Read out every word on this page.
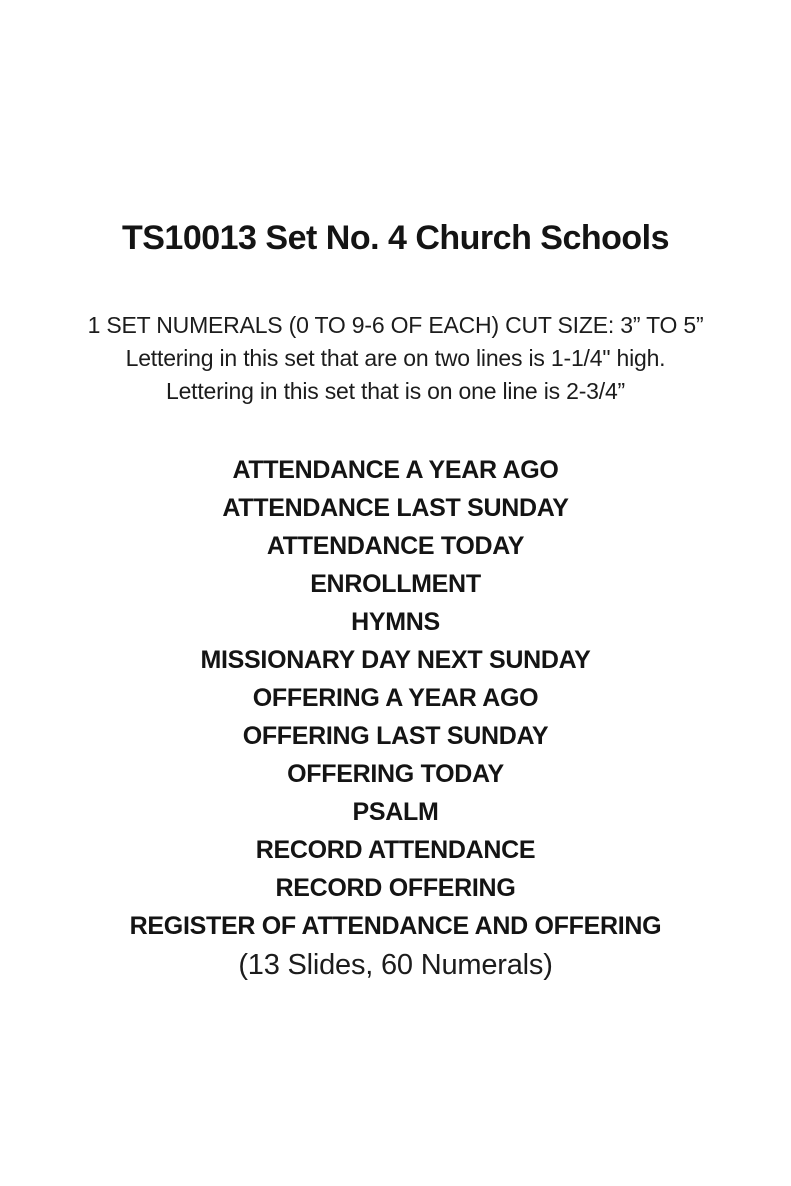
TS10013 Set No. 4 Church Schools
1 SET NUMERALS (0 TO 9-6 OF EACH) CUT SIZE: 3” TO 5”
Lettering in this set that are on two lines is 1-1/4" high.
Lettering in this set that is on one line is 2-3/4”
ATTENDANCE A YEAR AGO
ATTENDANCE LAST SUNDAY
ATTENDANCE TODAY
ENROLLMENT
HYMNS
MISSIONARY DAY NEXT SUNDAY
OFFERING A YEAR AGO
OFFERING LAST SUNDAY
OFFERING TODAY
PSALM
RECORD ATTENDANCE
RECORD OFFERING
REGISTER OF ATTENDANCE AND OFFERING
(13 Slides, 60 Numerals)
